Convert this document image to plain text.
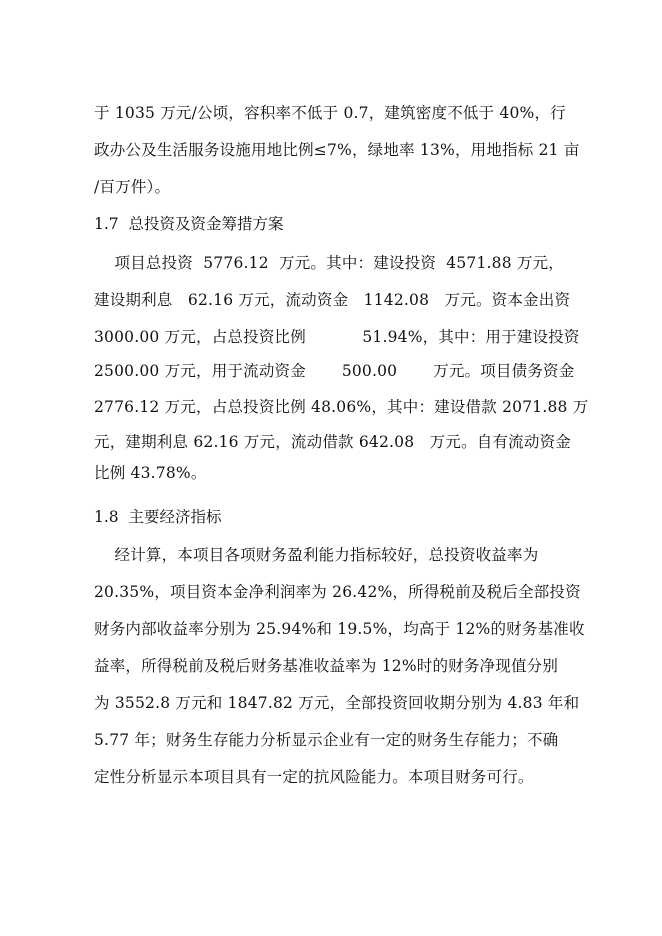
于 1035 万元/公顷，容积率不低于 0.7，建筑密度不低于 40%，行
政办公及生活服务设施用地比例≤7%，绿地率 13%，用地指标 21 亩
/百万件）。
1.7  总投资及资金筹措方案
项目总投资  5776.12  万元。其中：建设投资  4571.88 万元，
建设期利息   62.16 万元，流动资金   1142.08   万元。资本金出资
3000.00 万元，占总投资比例           51.94%，其中：用于建设投资
2500.00 万元，用于流动资金       500.00       万元。项目债务资金
2776.12 万元，占总投资比例 48.06%，其中：建设借款 2071.88 万
元，建期利息 62.16 万元，流动借款 642.08   万元。自有流动资金
比例 43.78%。
1.8  主要经济指标
经计算，本项目各项财务盈利能力指标较好，总投资收益率为
20.35%，项目资本金净利润率为 26.42%，所得税前及税后全部投资
财务内部收益率分别为 25.94%和 19.5%，均高于 12%的财务基准收
益率，所得税前及税后财务基准收益率为 12%时的财务净现值分别
为 3552.8 万元和 1847.82 万元，全部投资回收期分别为 4.83 年和
5.77 年；财务生存能力分析显示企业有一定的财务生存能力；不确
定性分析显示本项目具有一定的抗风险能力。本项目财务可行。
